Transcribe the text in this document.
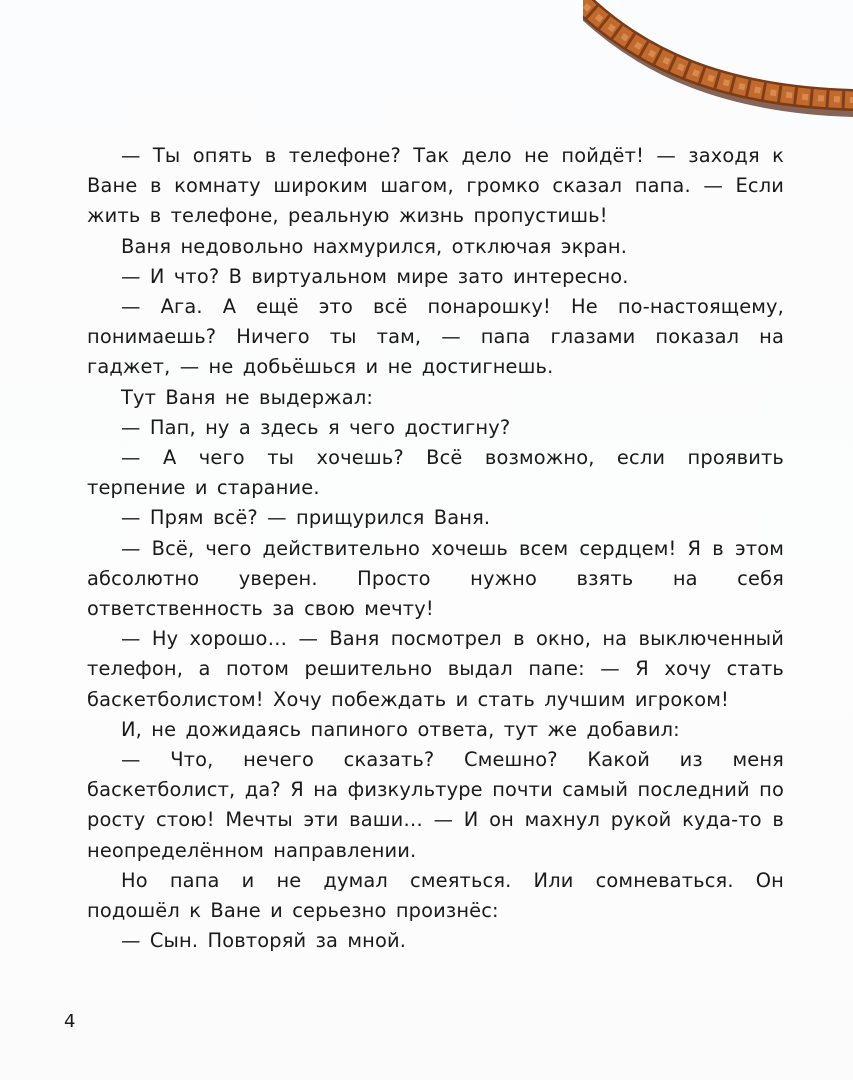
— Ты опять в телефоне? Так дело не пойдёт! — заходя к Ване в комнату широким шагом, громко сказал папа. — Если жить в телефоне, реальную жизнь пропустишь!

Ваня недовольно нахмурился, отключая экран.

— И что? В виртуальном мире зато интересно.

— Ага. А ещё это всё понарошку! Не по-настоящему, понимаешь? Ничего ты там, — папа глазами показал на гаджет, — не добьёшься и не достигнешь.

Тут Ваня не выдержал:

— Пап, ну а здесь я чего достигну?

— А чего ты хочешь? Всё возможно, если проявить терпение и старание.

— Прям всё? — прищурился Ваня.

— Всё, чего действительно хочешь всем сердцем! Я в этом абсолютно уверен. Просто нужно взять на себя ответственность за свою мечту!

— Ну хорошо… — Ваня посмотрел в окно, на выключенный телефон, а потом решительно выдал папе: — Я хочу стать баскетболистом! Хочу побеждать и стать лучшим игроком!

И, не дожидаясь папиного ответа, тут же добавил:

— Что, нечего сказать? Смешно? Какой из меня баскетболист, да? Я на физкультуре почти самый последний по росту стою! Мечты эти ваши… — И он махнул рукой куда-то в неопределённом направлении.

Но папа и не думал смеяться. Или сомневаться. Он подошёл к Ване и серьезно произнёс:

— Сын. Повторяй за мной.

4
